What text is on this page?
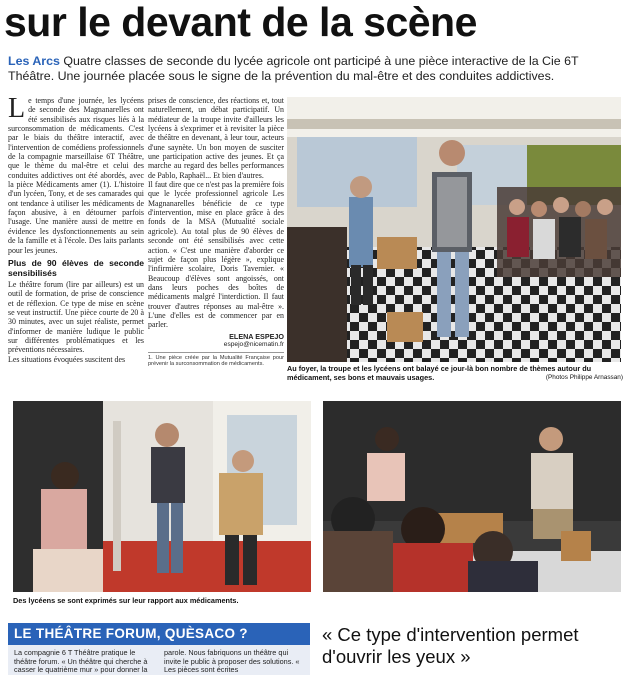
sur le devant de la scène
Les Arcs Quatre classes de seconde du lycée agricole ont participé à une pièce interactive de la Cie 6T Théâtre. Une journée placée sous le signe de la prévention du mal-être et des conduites addictives.

Le temps d'une journée, les lycéens de seconde des Magnanarelles ont été sensibilisés aux risques liés à la surconsommation de médicaments. C'est par le biais du théâtre interactif, avec l'intervention de comédiens professionnels de la compagnie marseillaise 6T Théâtre, que le thème du mal-être et celui des conduites addictives ont été abordés, avec la pièce Médicaments amer (1). L'histoire d'un lycéen, Tony, et de ses camarades qui ont tendance à utiliser les médicaments de façon abusive, à en détourner parfois l'usage. Une manière aussi de mettre en évidence les dysfonctionnements au sein de la famille et à l'école. Des laits parlants pour les jeunes.

Plus de 90 élèves de seconde sensibilisés

Le théâtre forum (lire par ailleurs) est un outil de formation, de prise de conscience et de réflexion. Ce type de mise en scène se veut instructif. Une pièce courte de 20 à 30 minutes, avec un sujet réaliste, permet d'informer de manière ludique le public sur différentes problématiques et les préventions nécessaires.

Les situations évoquées suscitent des

prises de conscience, des réactions et, tout naturellement, un débat participatif. Un médiateur de la troupe invite d'ailleurs les lycéens à s'exprimer et à revisiter la pièce de théâtre en devenant, à leur tour, acteurs d'une saynète. Un bon moyen de susciter une participation active des jeunes. Et ça marche au regard des belles performances de Pablo, Raphaël... Et bien d'autres.

Il faut dire que ce n'est pas la première fois que le lycée professionnel agricole Les Magnanarelles bénéficie de ce type d'intervention, mise en place grâce à des fonds de la MSA (Mutualité sociale agricole). Au total plus de 90 élèves de seconde ont été sensibilisés avec cette action. « C'est une manière d'aborder ce sujet de façon plus légère », explique l'infirmière scolaire, Doris Tavernier. « Beaucoup d'élèves sont angoissés, ont dans leurs poches des boîtes de médicaments malgré l'interdiction. Il faut trouver d'autres réponses au mal-être ». L'une d'elles est de commencer par en parler.

ELENA ESPEJO
espejo@nicematin.fr
1. Une pièce créée par la Mutualité Française pour prévenir la surconsommation de médicaments.	Au foyer, la troupe et les lycéens ont balayé ce jour-là bon nombre de thèmes autour du médicament, ses bons et mauvais usages.	(Photos Philippe Arnassan)
Des lycéens se sont exprimés sur leur rapport aux médicaments.
LE THÉÂTRE FORUM, QUÈSACO ?
La compagnie 6 T Théâtre pratique le théâtre forum. « Un théâtre qui cherche à casser le quatrième mur » pour donner la parole. Nous fabriquons un théâtre qui invite le public à proposer des solutions. « Les pièces sont écrites
« Ce type d'intervention permet d'ouvrir les yeux »
